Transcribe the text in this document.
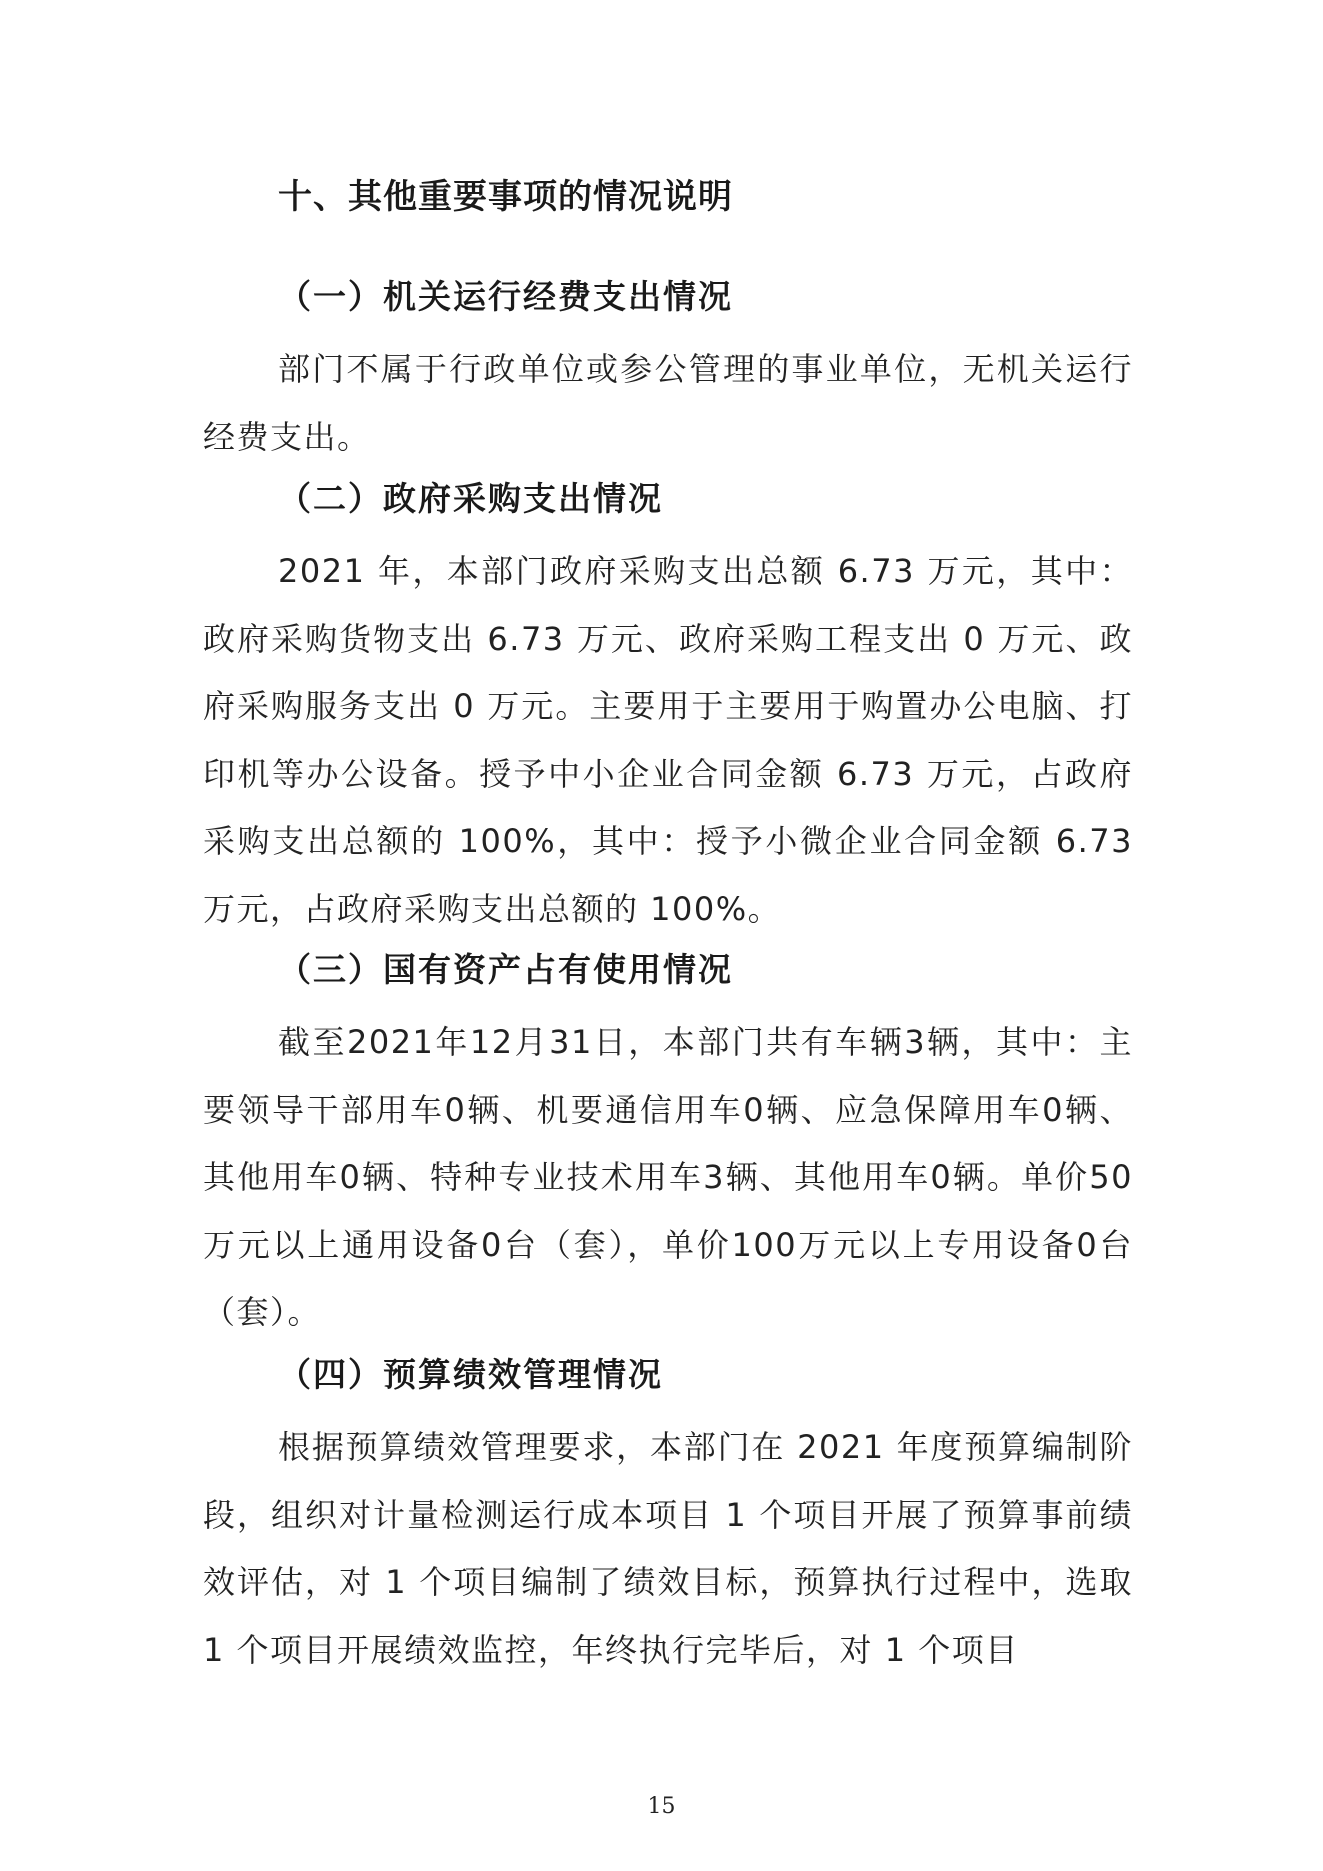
十、其他重要事项的情况说明
（一）机关运行经费支出情况

部门不属于行政单位或参公管理的事业单位，无机关运行经费支出。

（二）政府采购支出情况

2021 年，本部门政府采购支出总额 6.73 万元，其中：政府采购货物支出 6.73 万元、政府采购工程支出 0 万元、政府采购服务支出 0 万元。主要用于主要用于购置办公电脑、打印机等办公设备。授予中小企业合同金额 6.73 万元，占政府采购支出总额的 100%，其中：授予小微企业合同金额 6.73 万元，占政府采购支出总额的 100%。

（三）国有资产占有使用情况

截至2021年12月31日，本部门共有车辆3辆，其中：主要领导干部用车0辆、机要通信用车0辆、应急保障用车0辆、其他用车0辆、特种专业技术用车3辆、其他用车0辆。单价50万元以上通用设备0台（套），单价100万元以上专用设备0台（套）。

（四）预算绩效管理情况

根据预算绩效管理要求，本部门在 2021 年度预算编制阶段，组织对计量检测运行成本项目 1 个项目开展了预算事前绩效评估，对 1 个项目编制了绩效目标，预算执行过程中，选取 1 个项目开展绩效监控，年终执行完毕后，对 1 个项目

15
